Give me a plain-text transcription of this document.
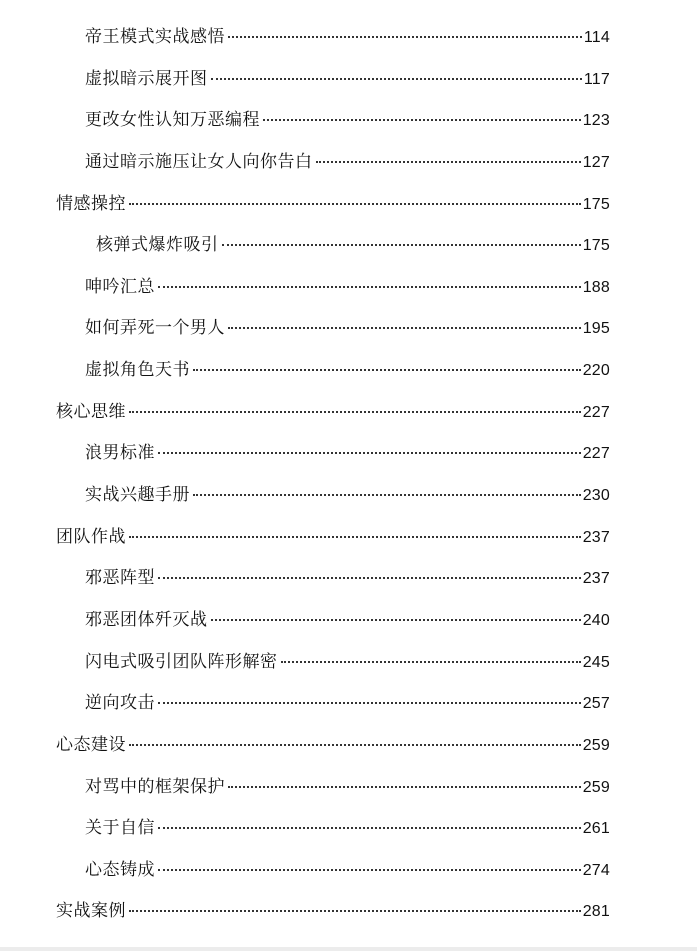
帝王模式实战感悟	114
虚拟暗示展开图	117
更改女性认知万恶编程	123
通过暗示施压让女人向你告白	127
情感操控	175
核弹式爆炸吸引	175
呻吟汇总	188
如何弄死一个男人	195
虚拟角色天书	220
核心思维	227
浪男标准	227
实战兴趣手册	230
团队作战	237
邪恶阵型	237
邪恶团体歼灭战	240
闪电式吸引团队阵形解密	245
逆向攻击	257
心态建设	259
对骂中的框架保护	259
关于自信	261
心态铸成	274
实战案例	281
